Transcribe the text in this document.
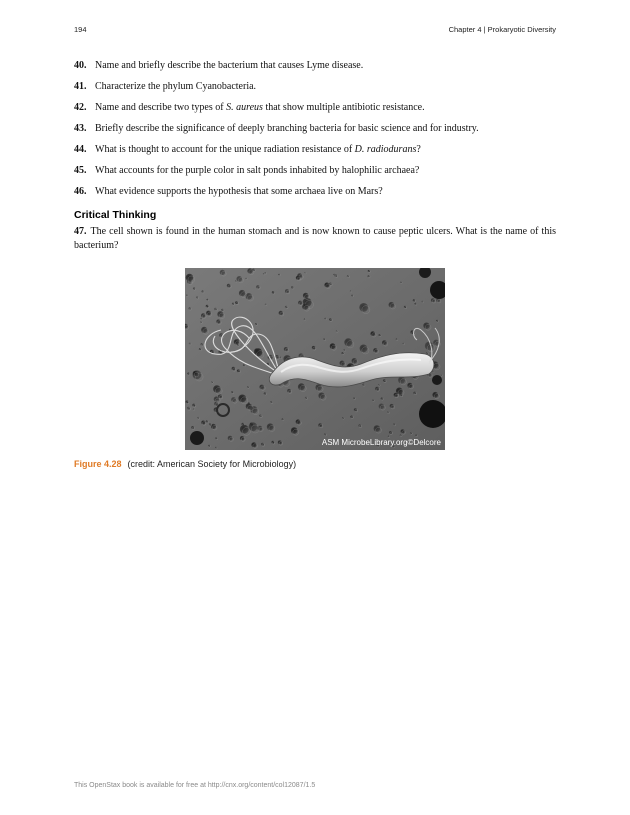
194	Chapter 4 | Prokaryotic Diversity
40. Name and briefly describe the bacterium that causes Lyme disease.
41. Characterize the phylum Cyanobacteria.
42. Name and describe two types of S. aureus that show multiple antibiotic resistance.
43. Briefly describe the significance of deeply branching bacteria for basic science and for industry.
44. What is thought to account for the unique radiation resistance of D. radiodurans?
45. What accounts for the purple color in salt ponds inhabited by halophilic archaea?
46. What evidence supports the hypothesis that some archaea live on Mars?
Critical Thinking
47. The cell shown is found in the human stomach and is now known to cause peptic ulcers. What is the name of this bacterium?
ASM MicrobeLibrary.org©Delcore
Figure 4.28 (credit: American Society for Microbiology)
This OpenStax book is available for free at http://cnx.org/content/col12087/1.5
